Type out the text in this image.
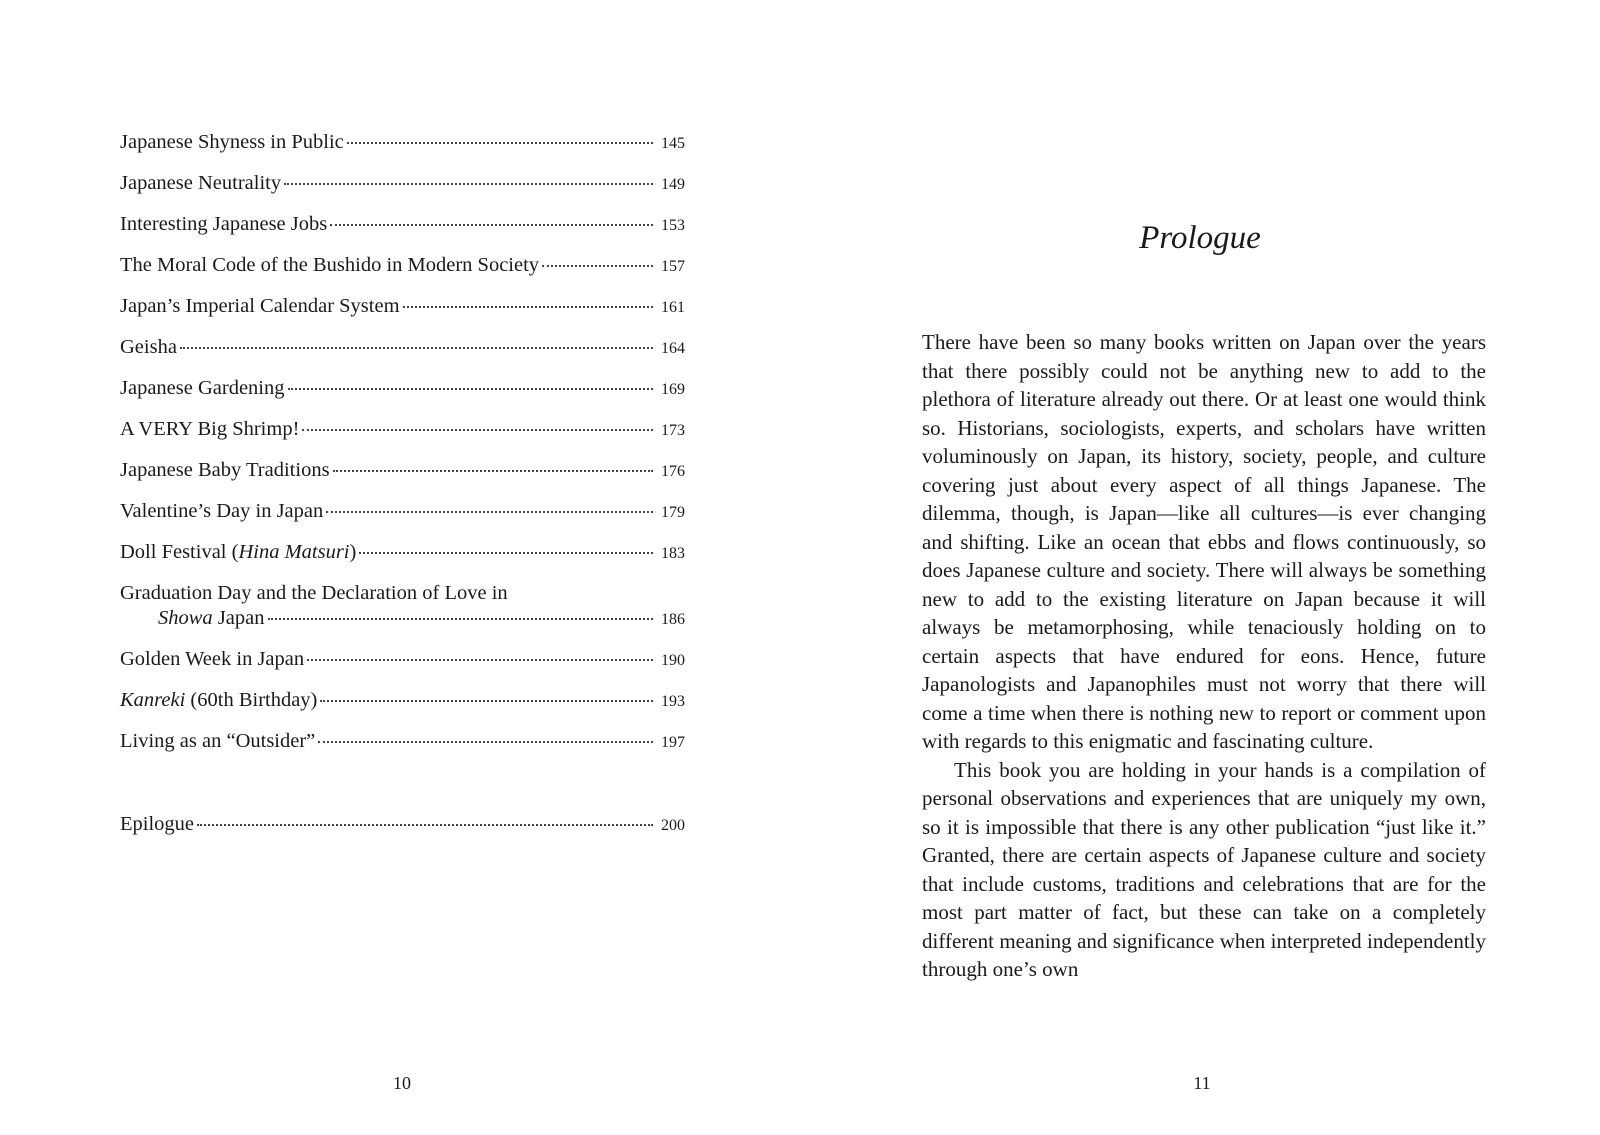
Japanese Shyness in Public	145
Japanese Neutrality	149
Interesting Japanese Jobs	153
The Moral Code of the Bushido in Modern Society	157
Japan’s Imperial Calendar System	161
Geisha	164
Japanese Gardening	169
A VERY Big Shrimp!	173
Japanese Baby Traditions	176
Valentine’s Day in Japan	179
Doll Festival (Hina Matsuri)	183
Graduation Day and the Declaration of Love in
Showa Japan	186
Golden Week in Japan	190
Kanreki (60th Birthday)	193
Living as an “Outsider”	197
Epilogue	200
10
Prologue

There have been so many books written on Japan over the years that there possibly could not be anything new to add to the plethora of literature already out there. Or at least one would think so. Historians, sociologists, experts, and scholars have written voluminously on Japan, its history, society, people, and culture covering just about every aspect of all things Japanese. The dilemma, though, is Japan—like all cultures—is ever changing and shifting. Like an ocean that ebbs and flows continuously, so does Japanese culture and society. There will always be something new to add to the existing literature on Japan because it will always be metamorphosing, while tenaciously holding on to certain aspects that have endured for eons. Hence, future Japanologists and Japanophiles must not worry that there will come a time when there is nothing new to report or comment upon with regards to this enigmatic and fascinating culture.

This book you are holding in your hands is a compilation of personal observations and experiences that are uniquely my own, so it is impossible that there is any other publication “just like it.” Granted, there are certain aspects of Japanese culture and society that include customs, traditions and celebrations that are for the most part matter of fact, but these can take on a completely different meaning and significance when interpreted independently through one’s own

11
